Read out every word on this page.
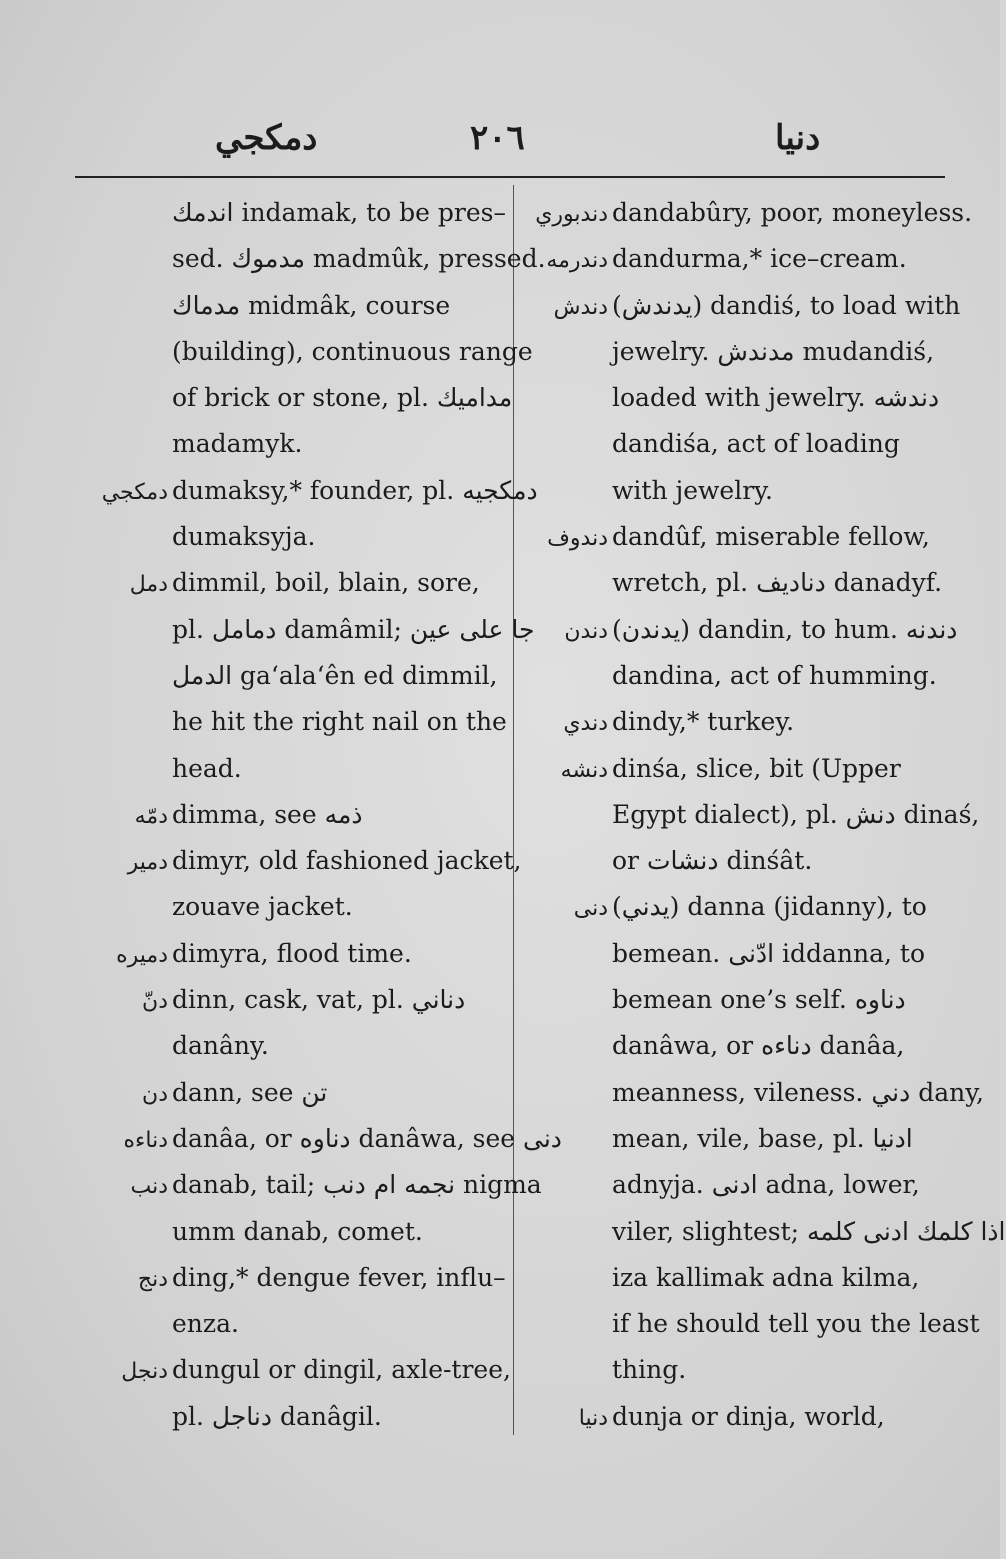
دمكجي	٢٠٦	دنيا
اندمك indamak, to be pres–
sed. مدموك madmûk, pressed.
مدماك midmâk, course
(building), continuous range
of brick or stone, pl. مداميك
madamyk.
دمكجي dumaksy,* founder, pl. دمكجيه
dumaksyja.
دمل dimmil, boil, blain, sore,
pl. دمامل damâmil; جا على عين
الدمل ga‘ala‘ên ed dimmil,
he hit the right nail on the
head.
دمّه dimma, see ذمه
دمير dimyr, old fashioned jacket,
zouave jacket.
دميره dimyra, flood time.
دنّ dinn, cask, vat, pl. دناني
danâny.
دن dann, see تن
دناءه danâa, or دناوه danâwa, see دنى
دنب danab, tail; نجمه ام دنب nigma
umm danab, comet.
دنج ding,* dengue fever, influ–
enza.
دنجل dungul or dingil, axle-tree,
pl. دناجل danâgil.
دندبوري dandabûry, poor, moneyless.
دندرمه dandurma,* ice–cream.
دندش (يدندش) dandiś, to load with
jewelry. مدندش mudandiś,
loaded with jewelry. دندشه
dandiśa, act of loading
with jewelry.
دندوف dandûf, miserable fellow,
wretch, pl. دناديف danadyf.
دندن (يدندن) dandin, to hum. دندنه
dandina, act of humming.
دندي dindy,* turkey.
دنشه dinśa, slice, bit (Upper
Egypt dialect), pl. دنش dinaś,
or دنشات dinśât.
دنى (يدني) danna (jidanny), to
bemean. ادّنى iddanna, to
bemean one’s self. دناوه
danâwa, or دناءه danâa,
meanness, vileness. دني dany,
mean, vile, base, pl. ادنيا
adnyja. ادنى adna, lower,
viler, slightest; اذا كلمك ادنى كلمه
iza kallimak adna kilma,
if he should tell you the least
thing.
دنيا dunja or dinja, world,
